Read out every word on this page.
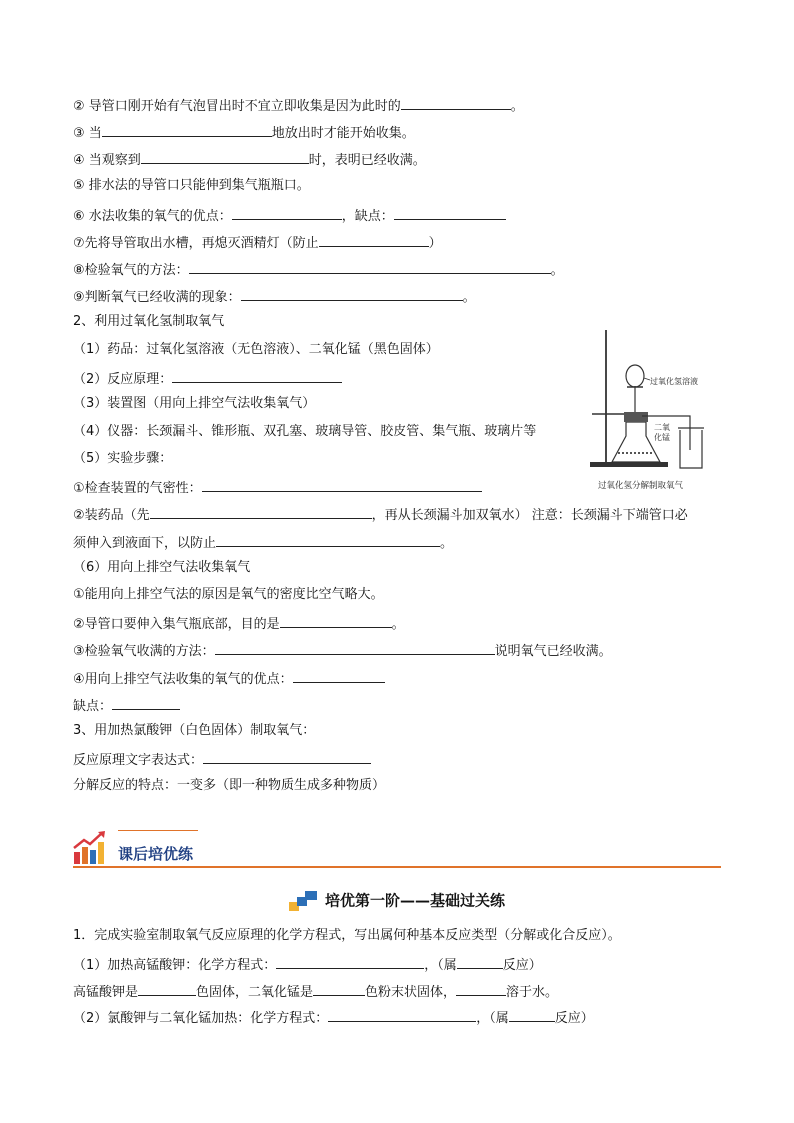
② 导管口刚开始有气泡冒出时不宜立即收集是因为此时的	。
③ 当	地放出时才能开始收集。
④ 当观察到	时，表明已经收满。
⑤ 排水法的导管口只能伸到集气瓶瓶口。
⑥ 水法收集的氧气的优点：	，缺点：
⑦先将导管取出水槽，再熄灭酒精灯（防止	）
⑧检验氧气的方法：	。
⑨判断氧气已经收满的现象：	。
2、利用过氧化氢制取氧气
（1）药品：过氧化氢溶液（无色溶液）、二氧化锰（黑色固体）
（2）反应原理：
（3）装置图（用向上排空气法收集氧气）
（4）仪器：长颈漏斗、锥形瓶、双孔塞、玻璃导管、胶皮管、集气瓶、玻璃片等
（5）实验步骤：
①检查装置的气密性：
②装药品（先	，再从长颈漏斗加双氧水） 注意：长颈漏斗下端管口必
须伸入到液面下，以防止	。
（6）用向上排空气法收集氧气
①能用向上排空气法的原因是氧气的密度比空气略大。
②导管口要伸入集气瓶底部，目的是	。
③检验氧气收满的方法：	说明氧气已经收满。
④用向上排空气法收集的氧气的优点：
缺点：
3、用加热氯酸钾（白色固体）制取氧气：
反应原理文字表达式：
分解反应的特点：一变多（即一种物质生成多种物质）
过氧化氢溶液
二氧
化锰
过氧化氢分解制取氧气
课后培优练
培优第一阶——基础过关练
1．完成实验室制取氧气反应原理的化学方程式，写出属何种基本反应类型（分解或化合反应）。
（1）加热高锰酸钾：化学方程式：	，（属	反应）
高锰酸钾是	色固体，二氧化锰是	色粉末状固体，	溶于水。
（2）氯酸钾与二氧化锰加热：化学方程式：	，（属	反应）
